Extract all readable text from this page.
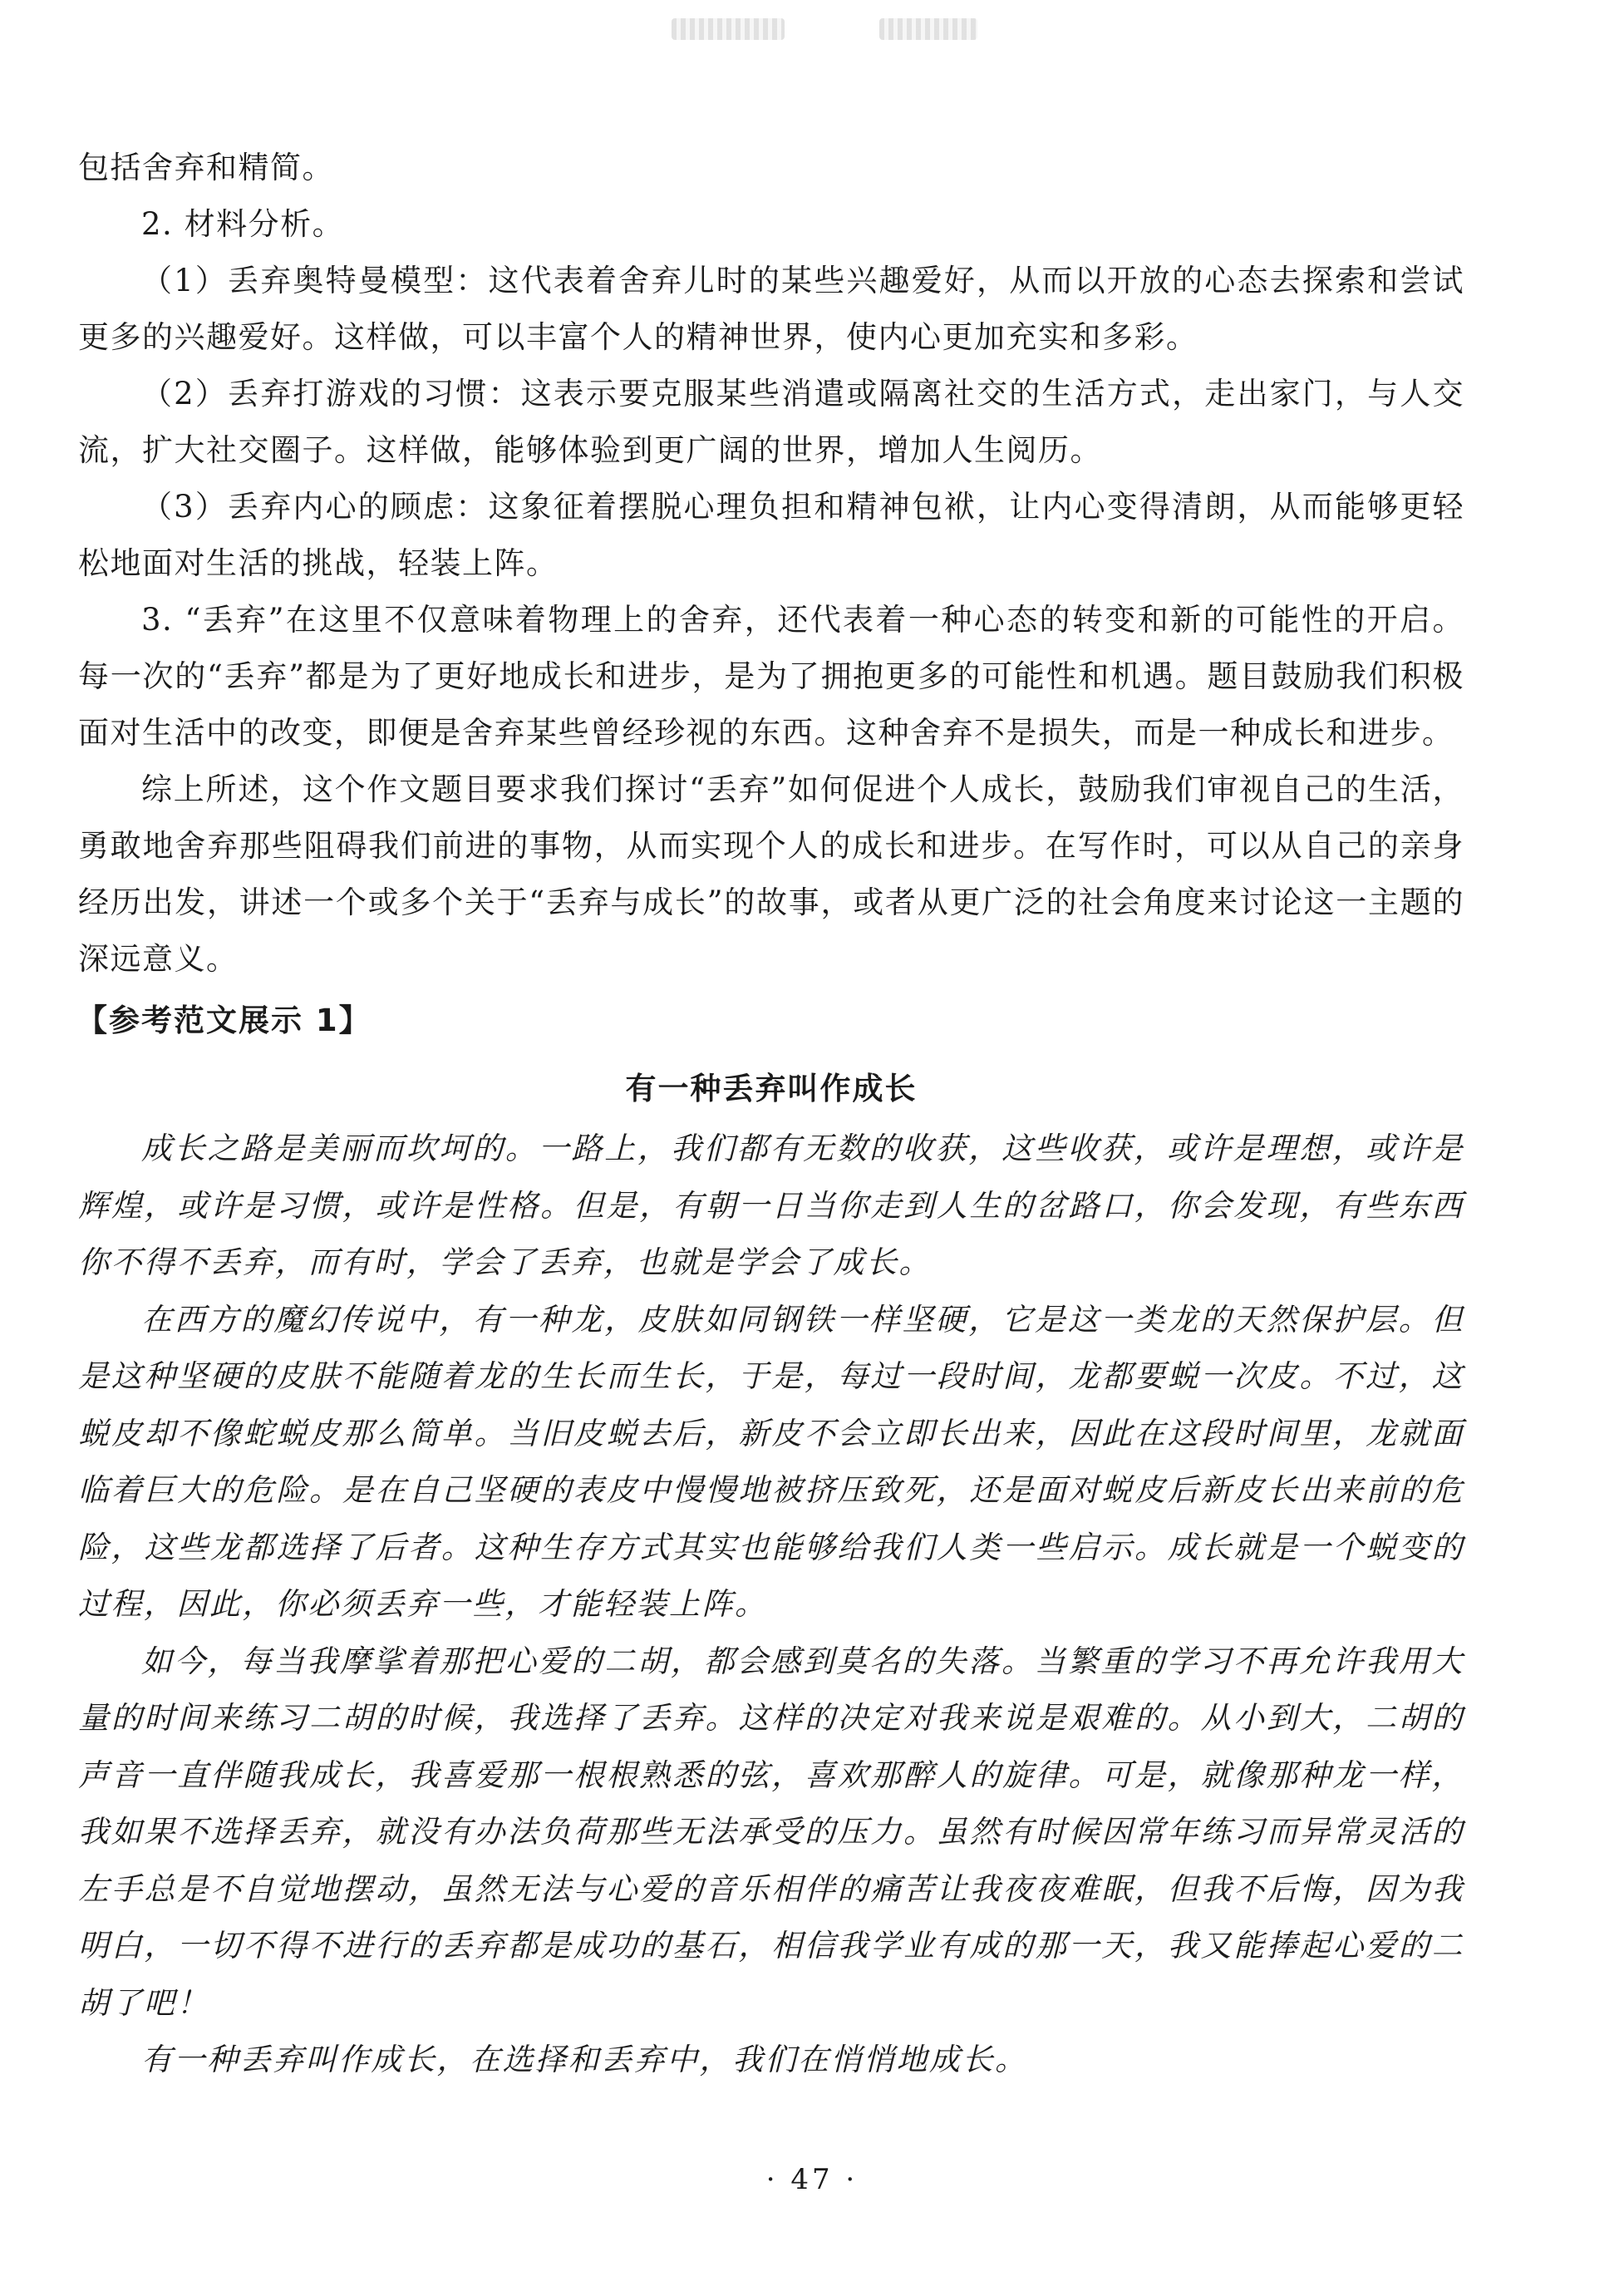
包括舍弃和精简。

2. 材料分析。

（1）丢弃奥特曼模型：这代表着舍弃儿时的某些兴趣爱好，从而以开放的心态去探索和尝试更多的兴趣爱好。这样做，可以丰富个人的精神世界，使内心更加充实和多彩。

（2）丢弃打游戏的习惯：这表示要克服某些消遣或隔离社交的生活方式，走出家门，与人交流，扩大社交圈子。这样做，能够体验到更广阔的世界，增加人生阅历。

（3）丢弃内心的顾虑：这象征着摆脱心理负担和精神包袱，让内心变得清朗，从而能够更轻松地面对生活的挑战，轻装上阵。

3. “丢弃”在这里不仅意味着物理上的舍弃，还代表着一种心态的转变和新的可能性的开启。每一次的“丢弃”都是为了更好地成长和进步，是为了拥抱更多的可能性和机遇。题目鼓励我们积极面对生活中的改变，即便是舍弃某些曾经珍视的东西。这种舍弃不是损失，而是一种成长和进步。

综上所述，这个作文题目要求我们探讨“丢弃”如何促进个人成长，鼓励我们审视自己的生活，勇敢地舍弃那些阻碍我们前进的事物，从而实现个人的成长和进步。在写作时，可以从自己的亲身经历出发，讲述一个或多个关于“丢弃与成长”的故事，或者从更广泛的社会角度来讨论这一主题的深远意义。

【参考范文展示 1】
有一种丢弃叫作成长

成长之路是美丽而坎坷的。一路上，我们都有无数的收获，这些收获，或许是理想，或许是辉煌，或许是习惯，或许是性格。但是，有朝一日当你走到人生的岔路口，你会发现，有些东西你不得不丢弃，而有时，学会了丢弃，也就是学会了成长。

在西方的魔幻传说中，有一种龙，皮肤如同钢铁一样坚硬，它是这一类龙的天然保护层。但是这种坚硬的皮肤不能随着龙的生长而生长，于是，每过一段时间，龙都要蜕一次皮。不过，这蜕皮却不像蛇蜕皮那么简单。当旧皮蜕去后，新皮不会立即长出来，因此在这段时间里，龙就面临着巨大的危险。是在自己坚硬的表皮中慢慢地被挤压致死，还是面对蜕皮后新皮长出来前的危险，这些龙都选择了后者。这种生存方式其实也能够给我们人类一些启示。成长就是一个蜕变的过程，因此，你必须丢弃一些，才能轻装上阵。

如今，每当我摩挲着那把心爱的二胡，都会感到莫名的失落。当繁重的学习不再允许我用大量的时间来练习二胡的时候，我选择了丢弃。这样的决定对我来说是艰难的。从小到大，二胡的声音一直伴随我成长，我喜爱那一根根熟悉的弦，喜欢那醉人的旋律。可是，就像那种龙一样，我如果不选择丢弃，就没有办法负荷那些无法承受的压力。虽然有时候因常年练习而异常灵活的左手总是不自觉地摆动，虽然无法与心爱的音乐相伴的痛苦让我夜夜难眠，但我不后悔，因为我明白，一切不得不进行的丢弃都是成功的基石，相信我学业有成的那一天，我又能捧起心爱的二胡了吧！

有一种丢弃叫作成长，在选择和丢弃中，我们在悄悄地成长。

· 47 ·
